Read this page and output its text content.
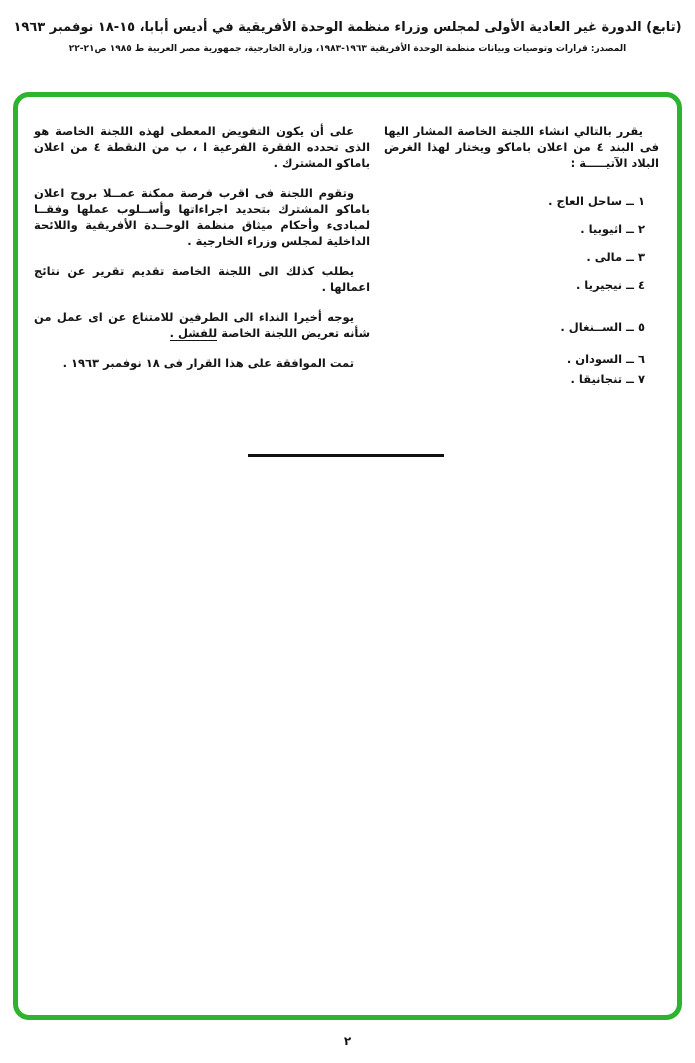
(تابع) الدورة غير العادية الأولى لمجلس وزراء منظمة الوحدة الأفريقية في أديس أبابا، ١٥-١٨ نوفمبر ١٩٦٣
المصدر: قرارات وتوصيات وبيانات منظمة الوحدة الأفريقية ١٩٦٣-١٩٨٣، وزارة الخارجية، جمهورية مصر العربية ط ١٩٨٥ ص٢١-٢٢

يقرر بالتالي انشاء اللجنة الخاصة المشار اليها فى البند ٤ من اعلان باماكو ويختار لهذا الغرض البلاد الآتيـــــة :

١ ــ ساحل العاج .
٢ ــ اثيوبيا .
٣ ــ مالى .
٤ ــ نيجيريا .
٥ ــ الســنغال .
٦ ــ السودان .
٧ ــ تنجانيقا .

على أن يكون التفويض المعطى لهذه اللجنة الخاصة هو الذى تحدده الفقرة الفرعية ا ، ب من النقطة ٤ من اعلان باماكو المشترك .

وتقوم اللجنة فى اقرب فرصة ممكنة عمــلا بروح اعلان باماكو المشترك بتحديد اجراءاتها وأســلوب عملها وفقــا لمبادىء وأحكام ميثاق منظمة الوحــدة الأفريقية واللائحة الداخلية لمجلس وزراء الخارجية .

يطلب كذلك الى اللجنة الخاصة تقديم تقرير عن نتائج اعمالها .

يوجه أخيرا النداء الى الطرفين للامتناع عن اى عمل من شأنه تعريض اللجنة الخاصة للفشل .

تمت الموافقة على هذا القرار فى ١٨ نوفمبر ١٩٦٣ .

٢
